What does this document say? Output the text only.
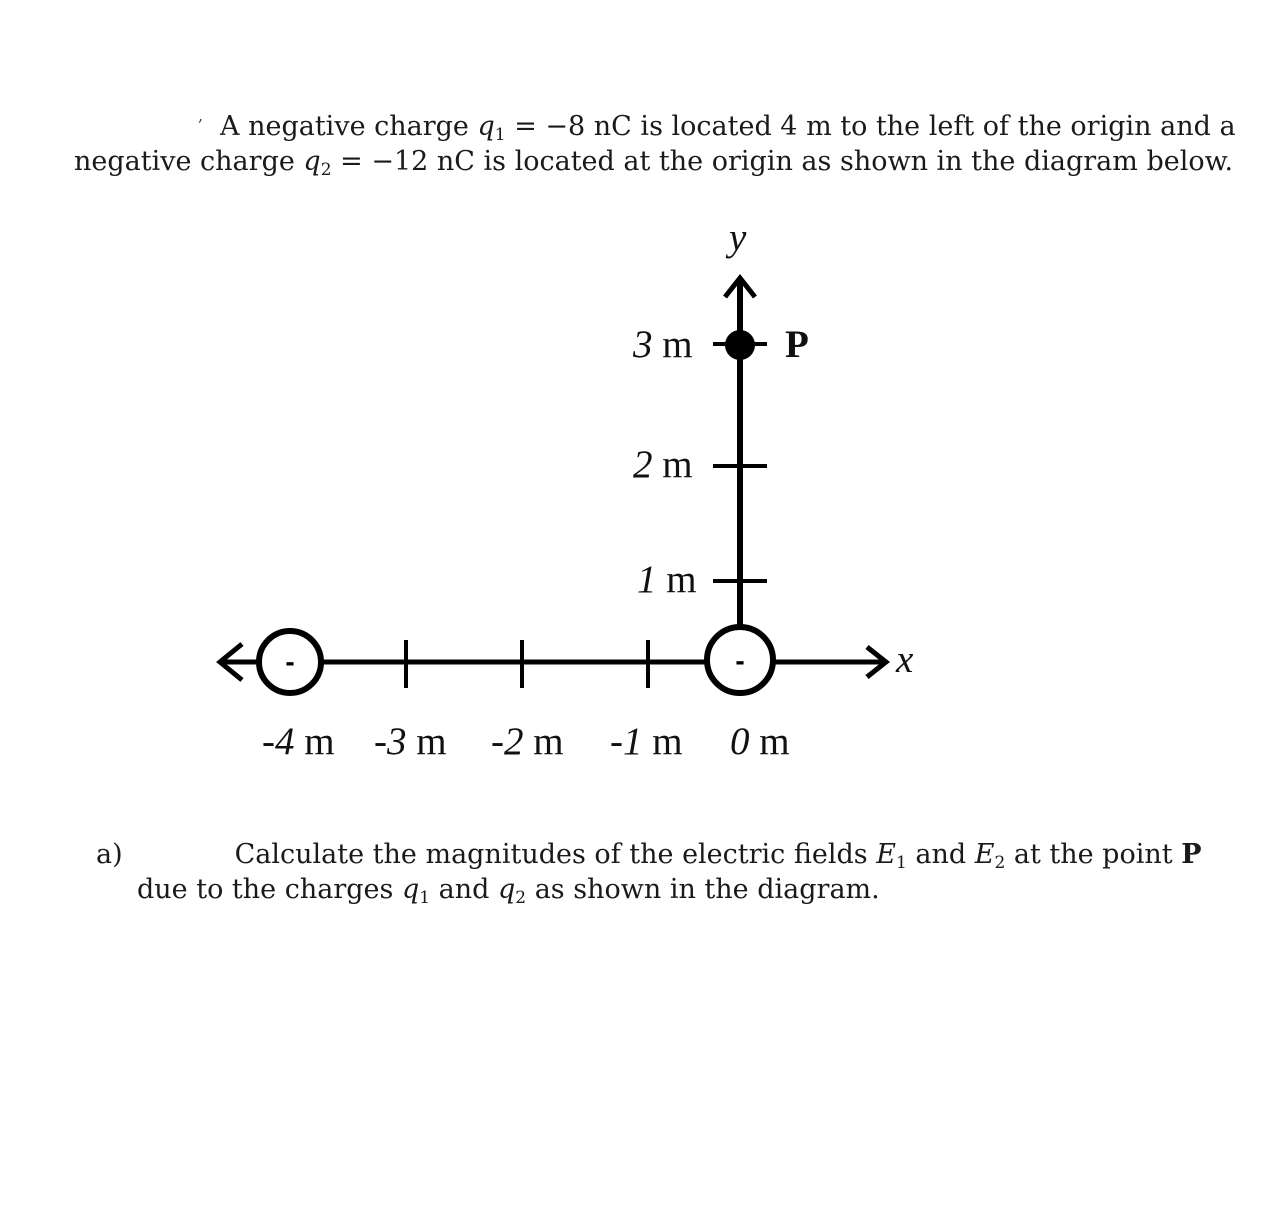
, A negative charge $q_1 = -8$ nC is located 4 m to the left of the origin and a
negative charge $q_2 = -12$ nC is located at the origin as shown in the diagram below.
y
P
3 m
2 m
1 m
x
-	-
-4 m -3 m -2 m -1 m 0 m
a)	Calculate the magnitudes of the electric fields $E_1$ and $E_2$ at the point P
due to the charges $q_1$ and $q_2$ as shown in the diagram.
